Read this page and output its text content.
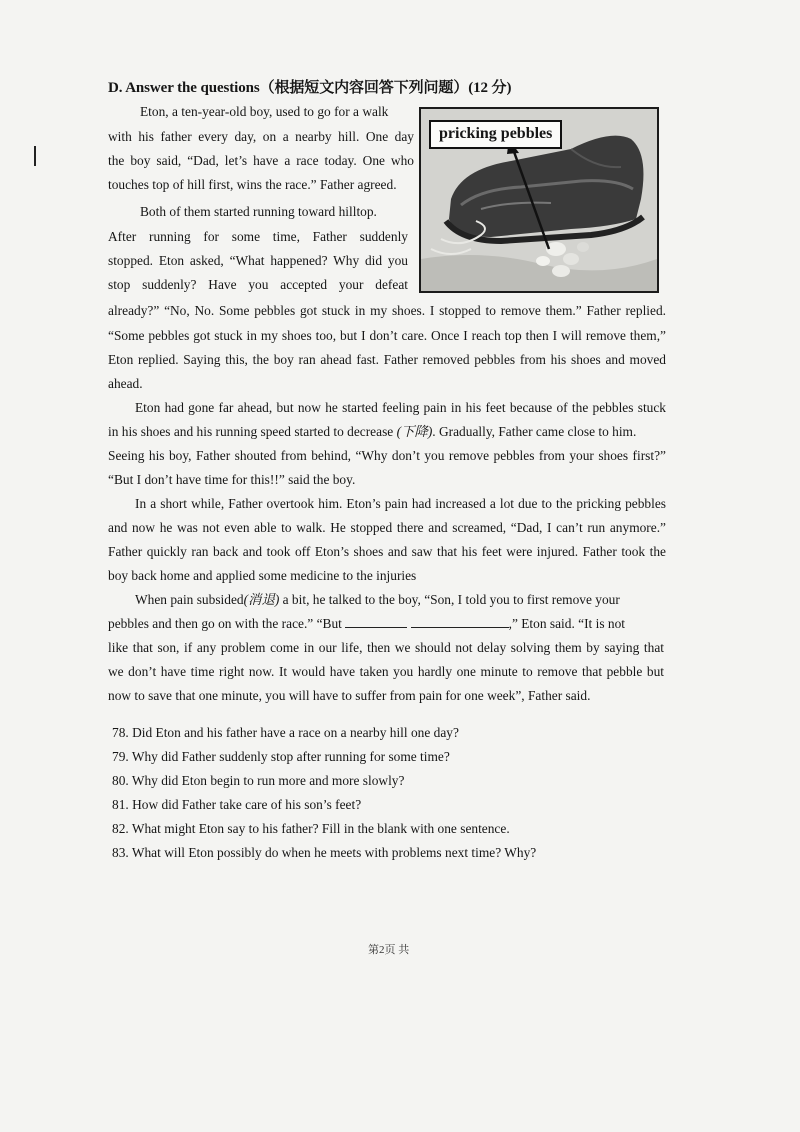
D. Answer the questions（根据短文内容回答下列问题）(12 分)
pricking pebbles
Eton, a ten-year-old boy, used to go for a walk
with his father every day, on a nearby hill. One day
the boy said, “Dad, let’s have a race today. One who
touches top of hill first, wins the race.” Father agreed.
Both of them started running toward hilltop.
After running for some time, Father suddenly
stopped. Eton asked, “What happened? Why did you
stop suddenly? Have you accepted your defeat
already?” “No, No. Some pebbles got stuck in my shoes. I stopped to remove them.” Father replied.
“Some pebbles got stuck in my shoes too, but I don’t care. Once I reach top then I will remove them,”
Eton replied. Saying this, the boy ran ahead fast. Father removed pebbles from his shoes and moved
ahead.
Eton had gone far ahead, but now he started feeling pain in his feet because of the pebbles stuck
in his shoes and his running speed started to decrease (下降). Gradually, Father came close to him.
Seeing his boy, Father shouted from behind, “Why don’t you remove pebbles from your shoes first?”
“But I don’t have time for this!!” said the boy.
In a short while, Father overtook him. Eton’s pain had increased a lot due to the pricking pebbles
and now he was not even able to walk. He stopped there and screamed, “Dad, I can’t run anymore.”
Father quickly ran back and took off Eton’s shoes and saw that his feet were injured. Father took the
boy back home and applied some medicine to the injuries
When pain subsided(消退) a bit, he talked to the boy, “Son, I told you to first remove your
pebbles and then go on with the race.” “But	,” Eton said. “It is not
like that son, if any problem come in our life, then we should not delay solving them by saying that
we don’t have time right now. It would have taken you hardly one minute to remove that pebble but
now to save that one minute, you will have to suffer from pain for one week”, Father said.
78. Did Eton and his father have a race on a nearby hill one day?
79. Why did Father suddenly stop after running for some time?
80. Why did Eton begin to run more and more slowly?
81. How did Father take care of his son’s feet?
82. What might Eton say to his father? Fill in the blank with one sentence.
83. What will Eton possibly do when he meets with problems next time? Why?
第2页 共
